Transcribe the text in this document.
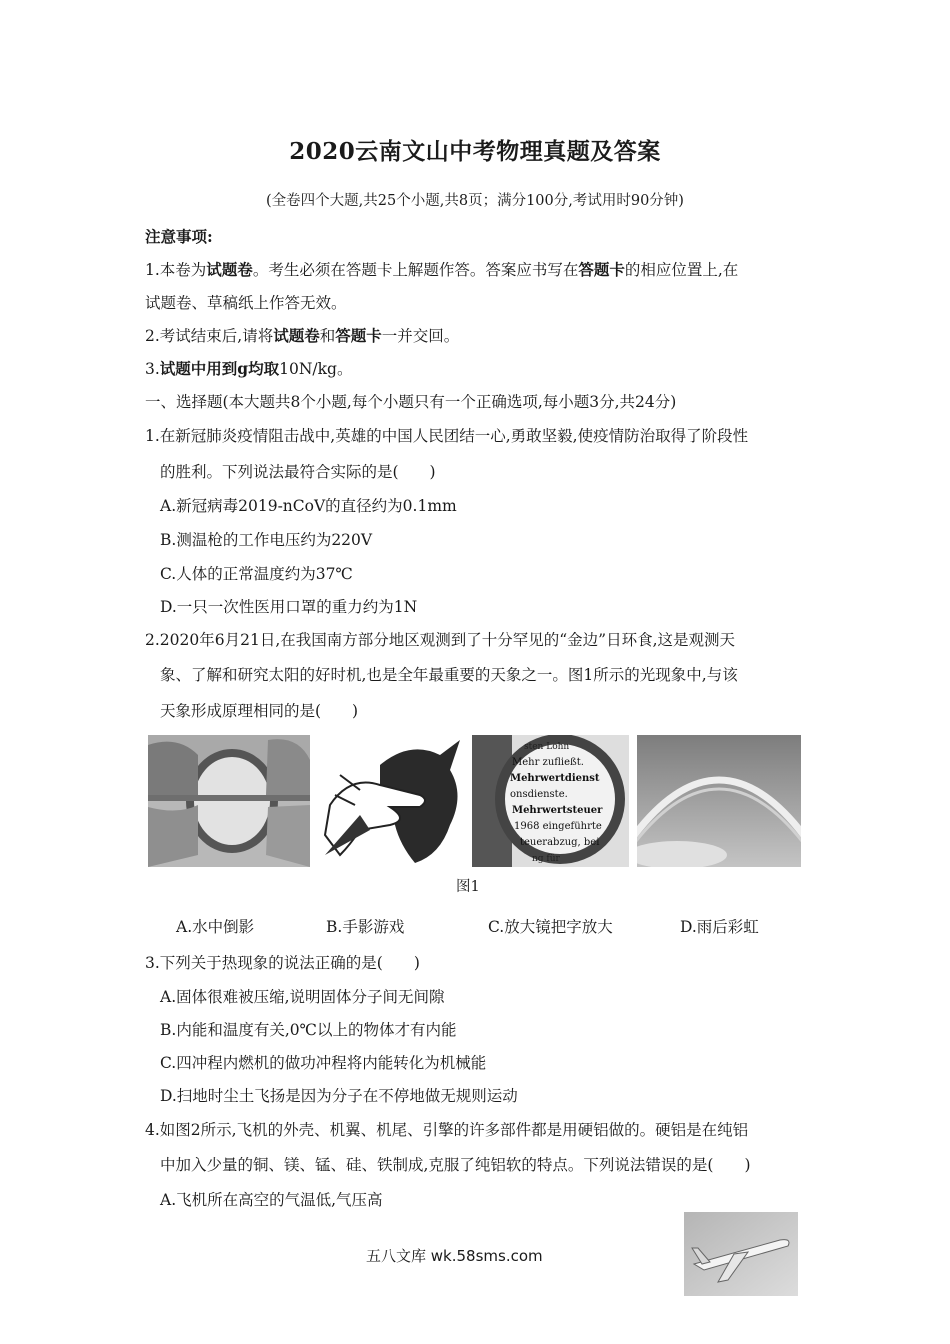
2020云南文山中考物理真题及答案
(全卷四个大题,共25个小题,共8页；满分100分,考试用时90分钟)
注意事项:
1.本卷为试题卷。考生必须在答题卡上解题作答。答案应书写在答题卡的相应位置上,在
试题卷、草稿纸上作答无效。
2.考试结束后,请将试题卷和答题卡一并交回。
3.试题中用到g均取10N/kg。
一、选择题(本大题共8个小题,每个小题只有一个正确选项,每小题3分,共24分)
1.在新冠肺炎疫情阻击战中,英雄的中国人民团结一心,勇敢坚毅,使疫情防治取得了阶段性
的胜利。下列说法最符合实际的是(　　)
A.新冠病毒2019-nCoV的直径约为0.1mm
B.测温枪的工作电压约为220V
C.人体的正常温度约为37℃
D.一只一次性医用口罩的重力约为1N
2.2020年6月21日,在我国南方部分地区观测到了十分罕见的“金边”日环食,这是观测天
象、了解和研究太阳的好时机,也是全年最重要的天象之一。图1所示的光现象中,与该
天象形成原理相同的是(　　)
sten Lohn
Mehr zufließt.
Mehrwertdienst
onsdienste.
Mehrwertsteuer
1968 eingeführte
teuerabzug, bei
ng für
图1
A.水中倒影	B.手影游戏	C.放大镜把字放大	D.雨后彩虹
3.下列关于热现象的说法正确的是(　　)
A.固体很难被压缩,说明固体分子间无间隙
B.内能和温度有关,0℃以上的物体才有内能
C.四冲程内燃机的做功冲程将内能转化为机械能
D.扫地时尘土飞扬是因为分子在不停地做无规则运动
4.如图2所示,飞机的外壳、机翼、机尾、引擎的许多部件都是用硬铝做的。硬铝是在纯铝
中加入少量的铜、镁、锰、硅、铁制成,克服了纯铝软的特点。下列说法错误的是(　　)
A.飞机所在高空的气温低,气压高
五八文库 wk.58sms.com
